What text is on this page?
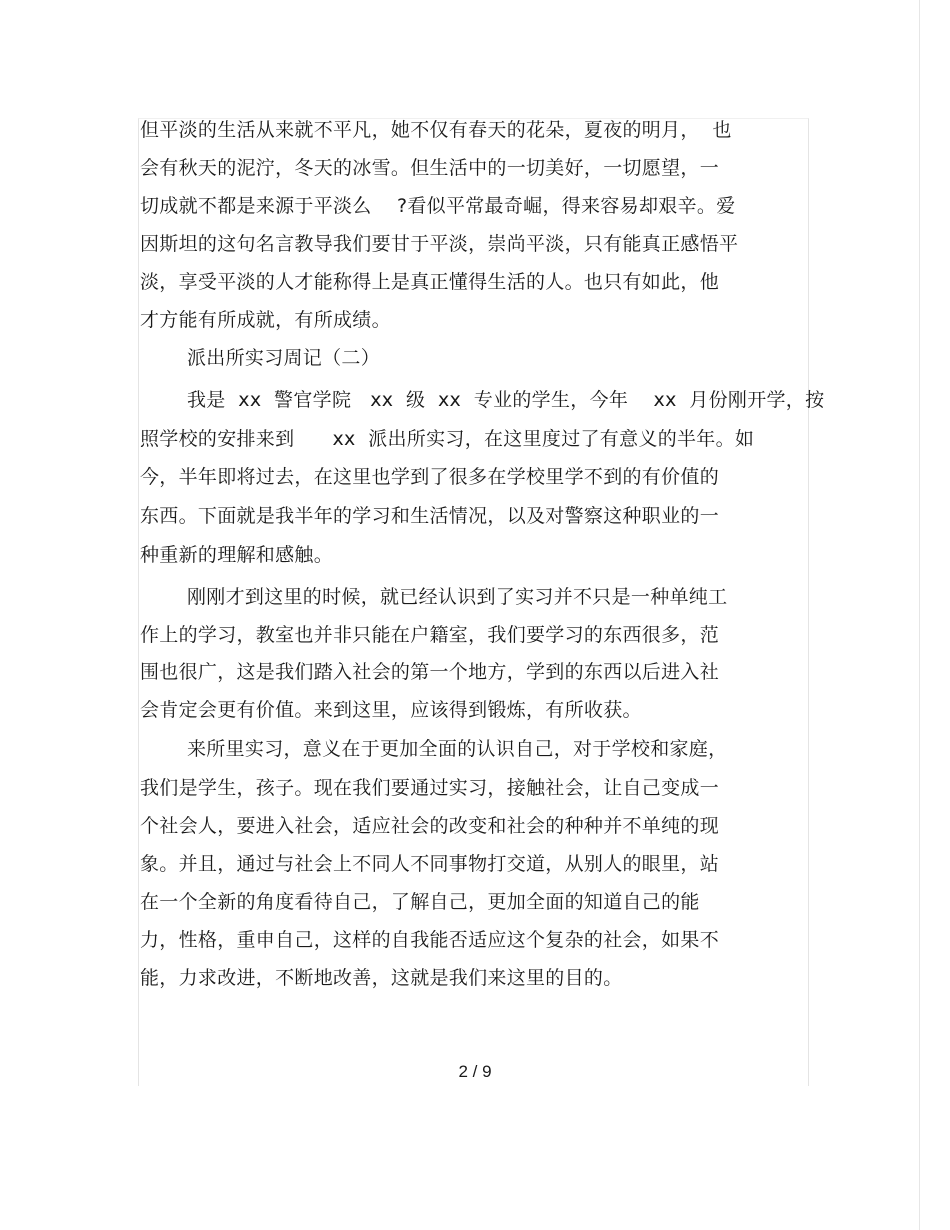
但平淡的生活从来就不平凡，她不仅有春天的花朵，夏夜的明月，  也
会有秋天的泥泞，冬天的冰雪。但生活中的一切美好，一切愿望，一
切成就不都是来源于平淡么    ?看似平常最奇崛，得来容易却艰辛。爱
因斯坦的这句名言教导我们要甘于平淡，崇尚平淡，只有能真正感悟平
淡，享受平淡的人才能称得上是真正懂得生活的人。也只有如此，他
才方能有所成就，有所成绩。
派出所实习周记（二）
我是  xx  警官学院   xx  级  xx  专业的学生，今年    xx  月份刚开学，按
照学校的安排来到      xx  派出所实习，在这里度过了有意义的半年。如
今，半年即将过去，在这里也学到了很多在学校里学不到的有价值的
东西。下面就是我半年的学习和生活情况，以及对警察这种职业的一
种重新的理解和感触。
刚刚才到这里的时候，就已经认识到了实习并不只是一种单纯工
作上的学习，教室也并非只能在户籍室，我们要学习的东西很多，范
围也很广，这是我们踏入社会的第一个地方，学到的东西以后进入社
会肯定会更有价值。来到这里，应该得到锻炼，有所收获。
来所里实习，意义在于更加全面的认识自己，对于学校和家庭，
我们是学生，孩子。现在我们要通过实习，接触社会，让自己变成一
个社会人，要进入社会，适应社会的改变和社会的种种并不单纯的现
象。并且，通过与社会上不同人不同事物打交道，从别人的眼里，站
在一个全新的角度看待自己，了解自己，更加全面的知道自己的能
力，性格，重申自己，这样的自我能否适应这个复杂的社会，如果不
能，力求改进，不断地改善，这就是我们来这里的目的。
2 / 9
